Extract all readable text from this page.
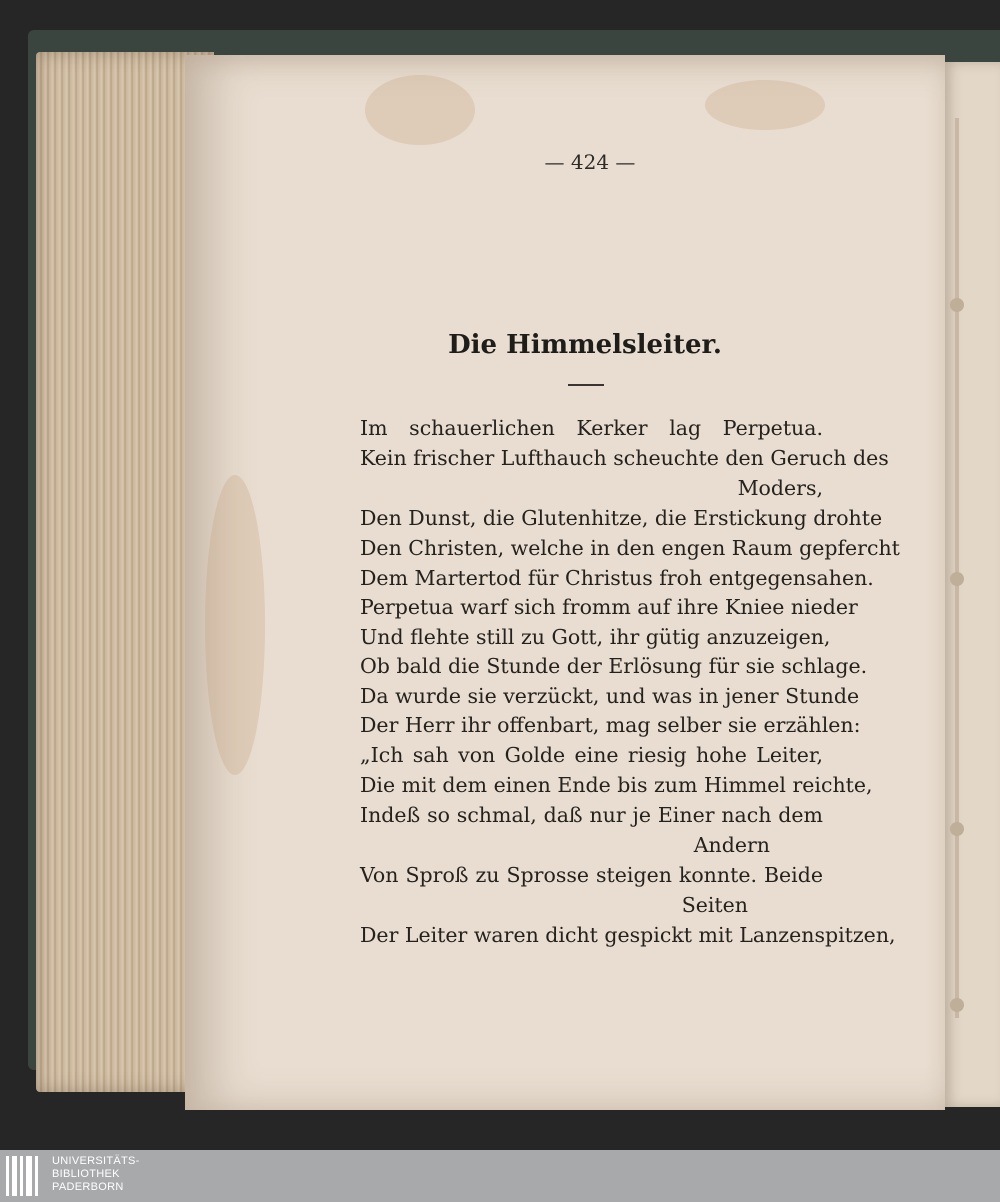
— 424 —
Die Himmelsleiter.
Im schauerlichen Kerker lag Perpetua.
Kein frischer Lufthauch scheuchte den Geruch des
Moders,
Den Dunst, die Glutenhitze, die Erstickung drohte
Den Christen, welche in den engen Raum gepfercht
Dem Martertod für Christus froh entgegensahen.
Perpetua warf sich fromm auf ihre Kniee nieder
Und flehte still zu Gott, ihr gütig anzuzeigen,
Ob bald die Stunde der Erlösung für sie schlage.
Da wurde sie verzückt, und was in jener Stunde
Der Herr ihr offenbart, mag selber sie erzählen:
„Ich sah von Golde eine riesig hohe Leiter,
Die mit dem einen Ende bis zum Himmel reichte,
Indeß so schmal, daß nur je Einer nach dem
Andern
Von Sproß zu Sprosse steigen konnte. Beide
Seiten
Der Leiter waren dicht gespickt mit Lanzenspitzen,
UNIVERSITÄTS-
BIBLIOTHEK
PADERBORN
